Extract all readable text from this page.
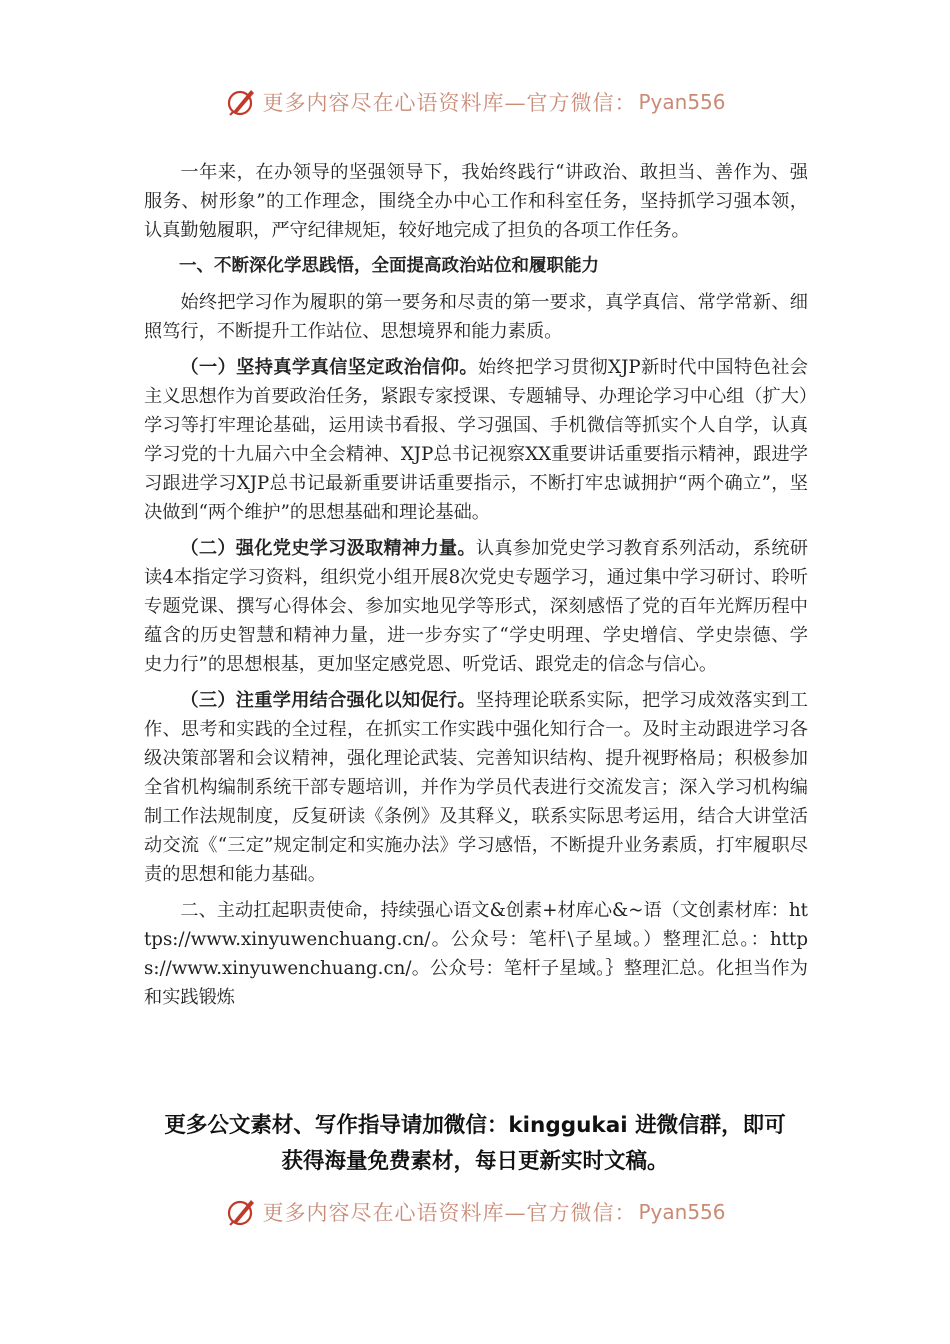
更多内容尽在心语资料库—官方微信： Pyan556

一年来，在办领导的坚强领导下，我始终践行“讲政治、敢担当、善作为、强服务、树形象”的工作理念，围绕全办中心工作和科室任务，坚持抓学习强本领，认真勤勉履职，严守纪律规矩，较好地完成了担负的各项工作任务。

一、不断深化学思践悟，全面提高政治站位和履职能力

始终把学习作为履职的第一要务和尽责的第一要求，真学真信、常学常新、细照笃行，不断提升工作站位、思想境界和能力素质。

（一）坚持真学真信坚定政治信仰。始终把学习贯彻XJP新时代中国特色社会主义思想作为首要政治任务，紧跟专家授课、专题辅导、办理论学习中心组（扩大）学习等打牢理论基础，运用读书看报、学习强国、手机微信等抓实个人自学，认真学习党的十九届六中全会精神、XJP总书记视察XX重要讲话重要指示精神，跟进学习跟进学习XJP总书记最新重要讲话重要指示，不断打牢忠诚拥护“两个确立”，坚决做到“两个维护”的思想基础和理论基础。

（二）强化党史学习汲取精神力量。认真参加党史学习教育系列活动，系统研读4本指定学习资料，组织党小组开展8次党史专题学习，通过集中学习研讨、聆听专题党课、撰写心得体会、参加实地见学等形式，深刻感悟了党的百年光辉历程中蕴含的历史智慧和精神力量，进一步夯实了“学史明理、学史增信、学史崇德、学史力行”的思想根基，更加坚定感党恩、听党话、跟党走的信念与信心。

（三）注重学用结合强化以知促行。坚持理论联系实际，把学习成效落实到工作、思考和实践的全过程，在抓实工作实践中强化知行合一。及时主动跟进学习各级决策部署和会议精神，强化理论武装、完善知识结构、提升视野格局；积极参加全省机构编制系统干部专题培训，并作为学员代表进行交流发言；深入学习机构编制工作法规制度，反复研读《条例》及其释义，联系实际思考运用，结合大讲堂活动交流《“三定”规定制定和实施办法》学习感悟，不断提升业务素质，打牢履职尽责的思想和能力基础。

二、主动扛起职责使命，持续强心语文&创素+材库心&~语（文创素材库：https://www.xinyuwenchuang.cn/。公众号：笔杆\子星域。）整理汇总。：https://www.xinyuwenchuang.cn/。公众号：笔杆子星域。｝整理汇总。化担当作为和实践锻炼

更多公文素材、写作指导请加微信：kinggukai 进微信群，即可
获得海量免费素材，每日更新实时文稿。
更多内容尽在心语资料库—官方微信： Pyan556
